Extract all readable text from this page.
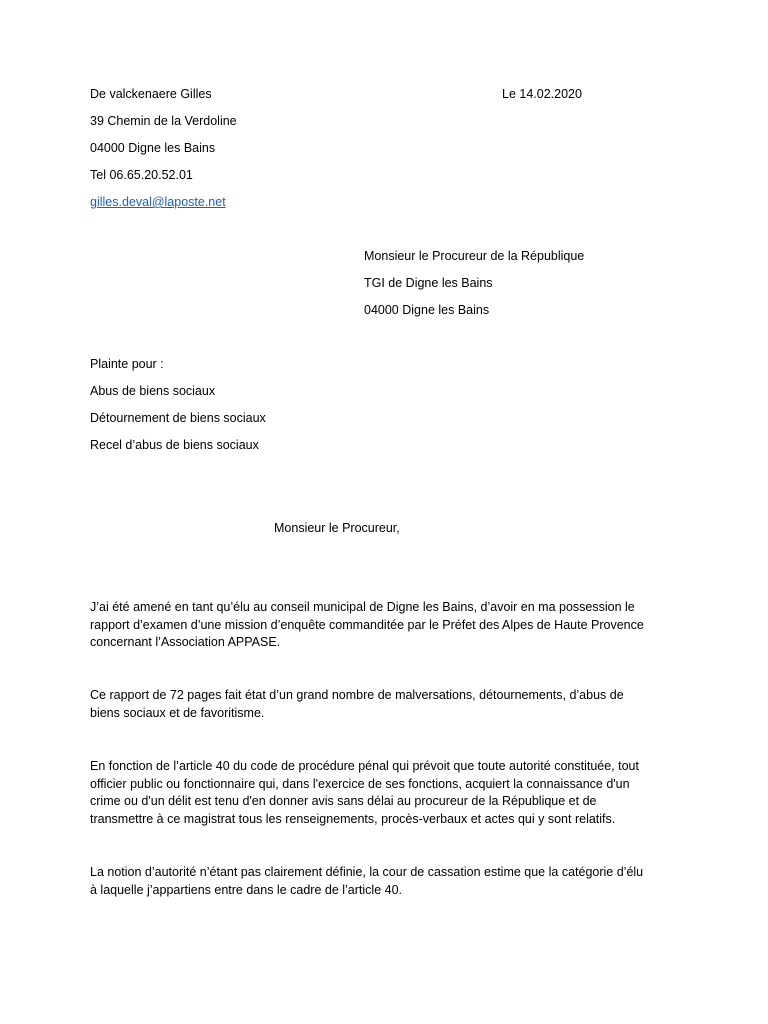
De valckenaere Gilles	Le 14.02.2020
39 Chemin de la Verdoline
04000 Digne les Bains
Tel 06.65.20.52.01
gilles.deval@laposte.net
Monsieur le Procureur de la République
TGI de Digne les Bains
04000 Digne les Bains
Plainte pour :
Abus de biens sociaux
Détournement de biens sociaux
Recel d’abus de biens sociaux
Monsieur le Procureur,
J’ai été amené en tant qu’élu au conseil municipal de Digne les Bains, d’avoir en ma possession le
rapport d’examen d’une mission d’enquête commanditée par le Préfet des Alpes de Haute Provence
concernant l’Association APPASE.
Ce rapport de 72 pages fait état d’un grand nombre de malversations, détournements, d’abus de
biens sociaux et de favoritisme.
En fonction de l’article 40 du code de procédure pénal qui prévoit que toute autorité constituée, tout
officier public ou fonctionnaire qui, dans l'exercice de ses fonctions, acquiert la connaissance d'un
crime ou d'un délit est tenu d'en donner avis sans délai au procureur de la République et de
transmettre à ce magistrat tous les renseignements, procès-verbaux et actes qui y sont relatifs.
La notion d’autorité n’étant pas clairement définie, la cour de cassation estime que la catégorie d’élu
à laquelle j’appartiens entre dans le cadre de l’article 40.
